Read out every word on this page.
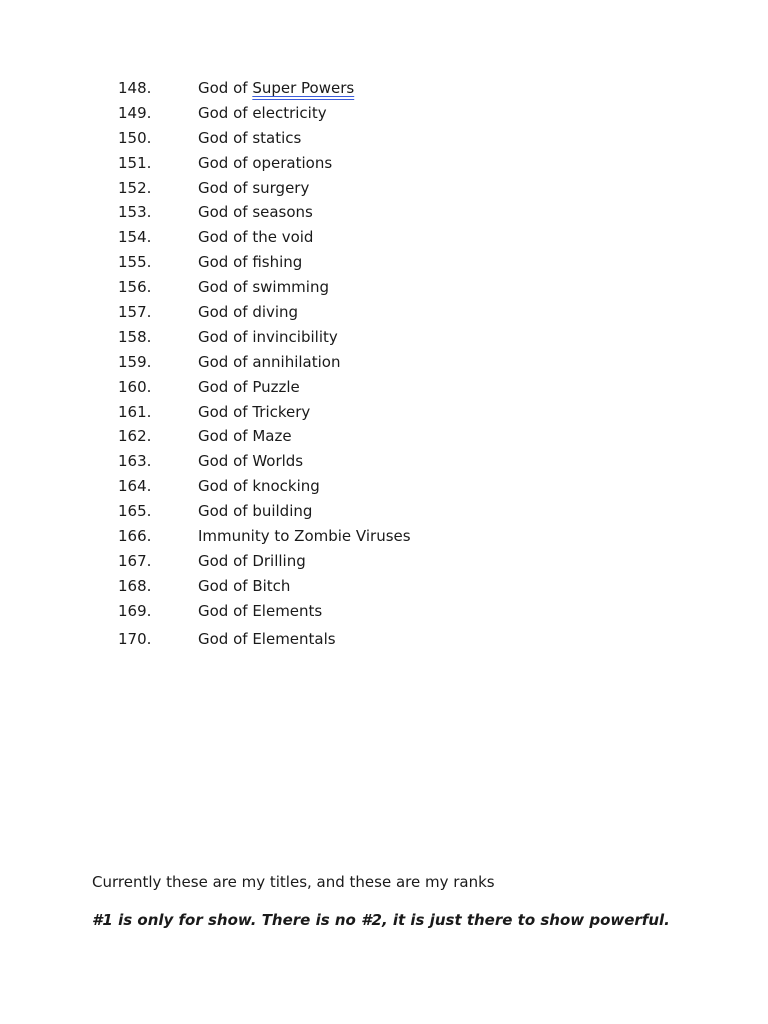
148.	God of Super Powers
149.	God of electricity
150.	God of statics
151.	God of operations
152.	God of surgery
153.	God of seasons
154.	God of the void
155.	God of fishing
156.	God of swimming
157.	God of diving
158.	God of invincibility
159.	God of annihilation
160.	God of Puzzle
161.	God of Trickery
162.	God of Maze
163.	God of Worlds
164.	God of knocking
165.	God of building
166.	Immunity to Zombie Viruses
167.	God of Drilling
168.	God of Bitch
169.	God of Elements
170.	God of Elementals

Currently these are my titles, and these are my ranks

#1 is only for show. There is no #2, it is just there to show powerful.
